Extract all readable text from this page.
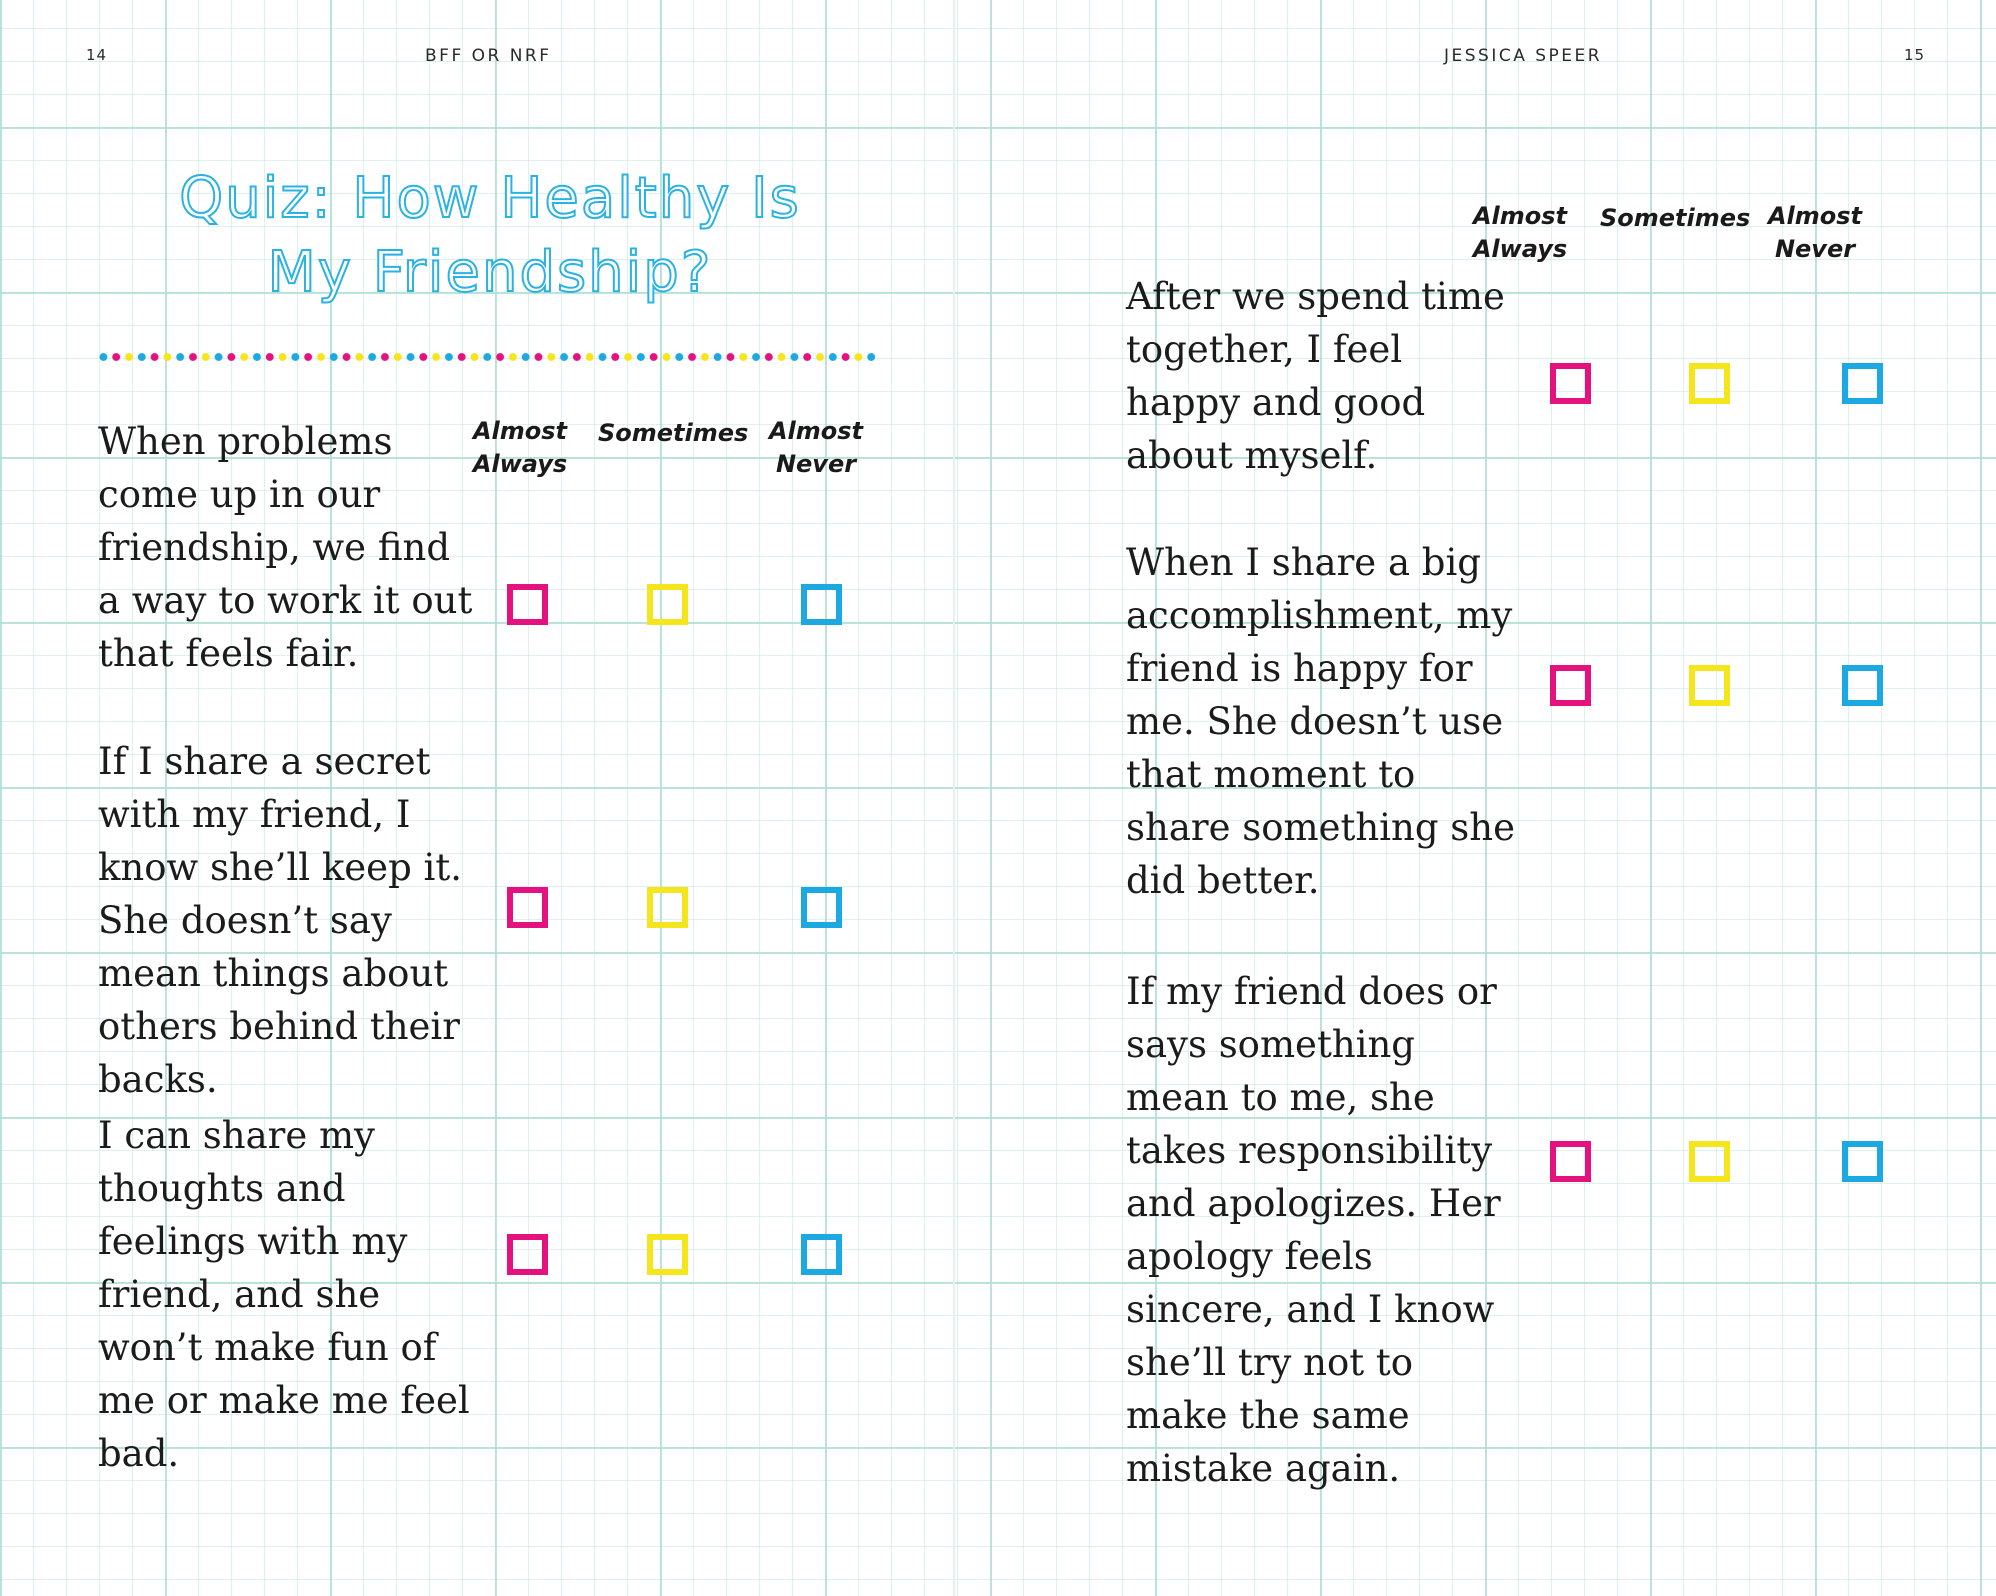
14	BFF OR NRF
Quiz: How Healthy Is
My Friendship?
Almost
Always
Sometimes Almost
Never

When problems come up in our friendship, we find a way to work it out that feels fair.

If I share a secret with my friend, I know she’ll keep it. She doesn’t say mean things about others behind their backs.

I can share my thoughts and feelings with my friend, and she won’t make fun of me or make me feel bad.

JESSICA SPEER	15
Almost
Always
Sometimes Almost
Never

After we spend time together, I feel happy and good about myself.

When I share a big accomplishment, my friend is happy for me. She doesn’t use that moment to share something she did better.

If my friend does or says something mean to me, she takes responsibility and apologizes. Her apology feels sincere, and I know she’ll try not to make the same mistake again.
